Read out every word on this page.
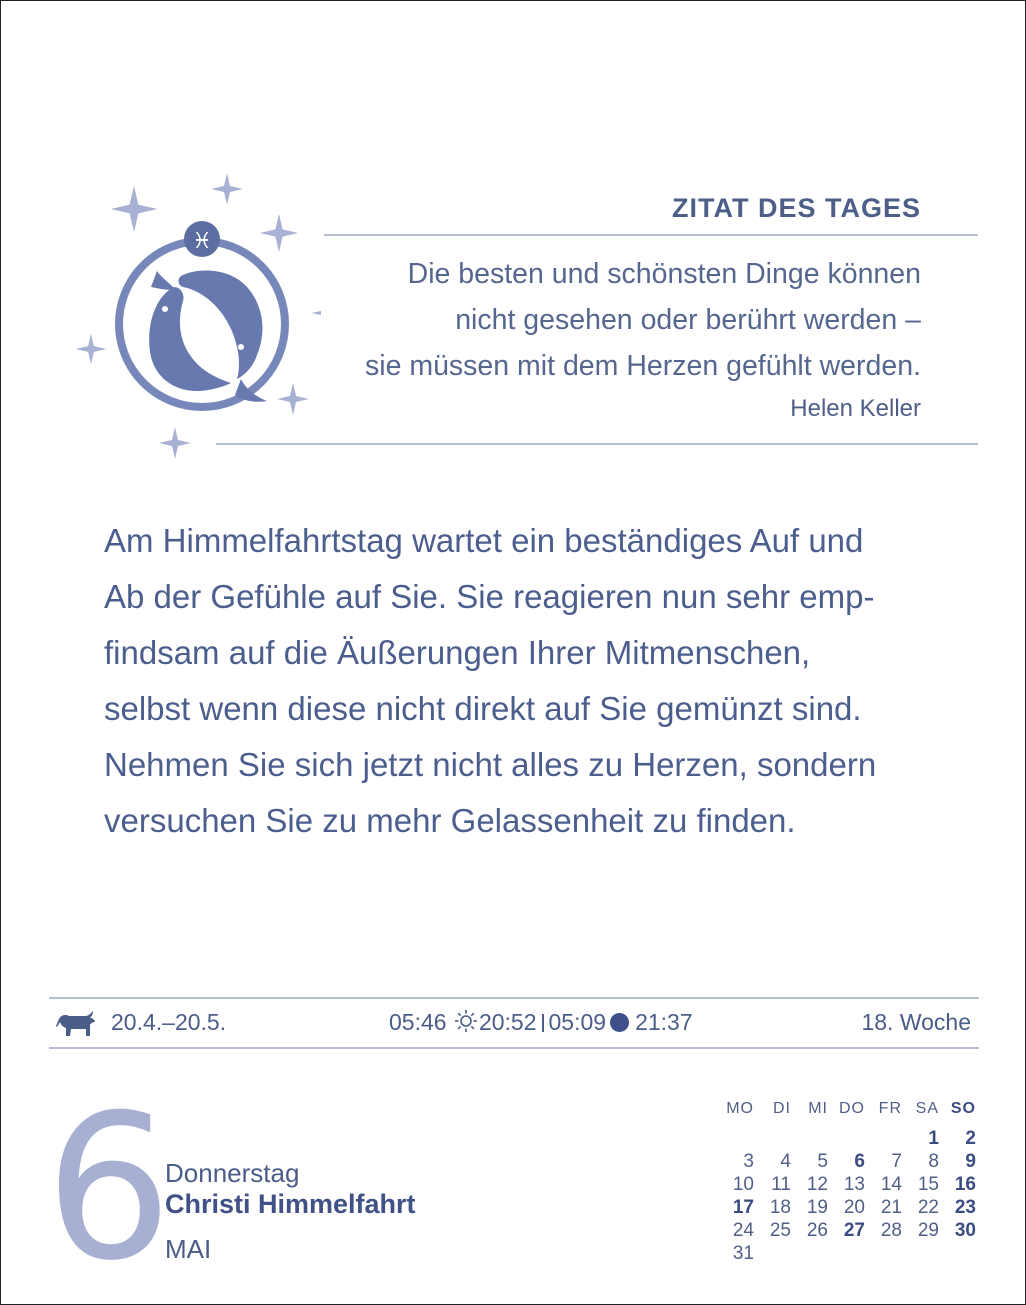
♓
ZITAT DES TAGES
Die besten und schönsten Dinge können
nicht gesehen oder berührt werden –
sie müssen mit dem Herzen gefühlt werden.
Helen Keller
Am Himmelfahrtstag wartet ein beständiges Auf und
Ab der Gefühle auf Sie. Sie reagieren nun sehr emp-
findsam auf die Äußerungen Ihrer Mitmenschen,
selbst wenn diese nicht direkt auf Sie gemünzt sind.
Nehmen Sie sich jetzt nicht alles zu Herzen, sondern
versuchen Sie zu mehr Gelassenheit zu finden.
20.4.–20.5.	05:46 20:52 05:09 21:37	18. Woche
6
Donnerstag
Christi Himmelfahrt
MAI
MO	DI	MI	DO	FR	SA	SO
					1	2
3	4	5	6	7	8	9
10	11	12	13	14	15	16
17	18	19	20	21	22	23
24	25	26	27	28	29	30
31						
